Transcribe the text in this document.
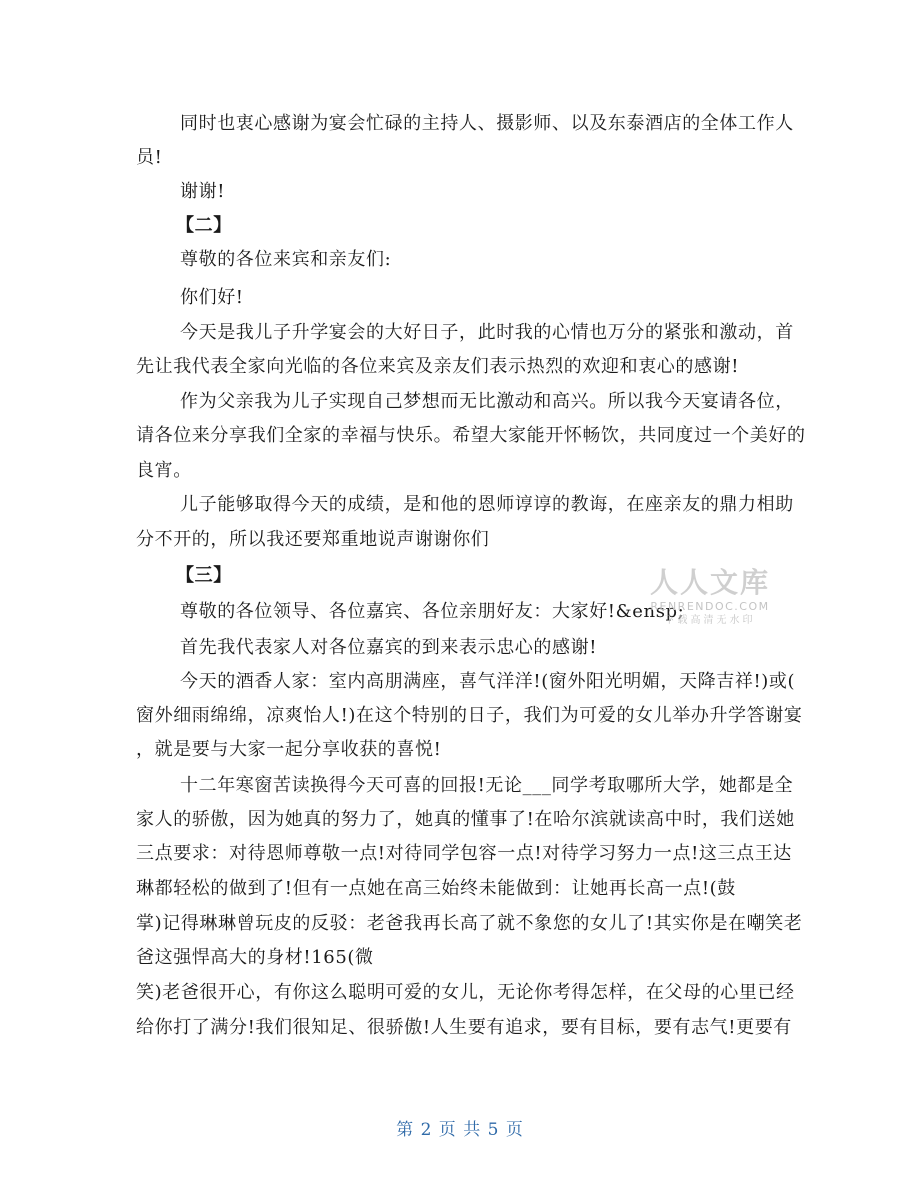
同时也衷心感谢为宴会忙碌的主持人、摄影师、以及东泰酒店的全体工作人
员!
谢谢!
【二】
尊敬的各位来宾和亲友们:
你们好!
今天是我儿子升学宴会的大好日子，此时我的心情也万分的紧张和激动，首
先让我代表全家向光临的各位来宾及亲友们表示热烈的欢迎和衷心的感谢!
作为父亲我为儿子实现自己梦想而无比激动和高兴。所以我今天宴请各位，
请各位来分享我们全家的幸福与快乐。希望大家能开怀畅饮，共同度过一个美好的
良宵。
儿子能够取得今天的成绩，是和他的恩师谆谆的教诲，在座亲友的鼎力相助
分不开的，所以我还要郑重地说声谢谢你们
【三】
尊敬的各位领导、各位嘉宾、各位亲朋好友：大家好!&ensp;
首先我代表家人对各位嘉宾的到来表示忠心的感谢!
今天的酒香人家：室内高朋满座，喜气洋洋!(窗外阳光明媚，天降吉祥!)或(
窗外细雨绵绵，凉爽怡人!)在这个特别的日子，我们为可爱的女儿举办升学答谢宴
，就是要与大家一起分享收获的喜悦!
十二年寒窗苦读换得今天可喜的回报!无论___同学考取哪所大学，她都是全
家人的骄傲，因为她真的努力了，她真的懂事了!在哈尔滨就读高中时，我们送她
三点要求：对待恩师尊敬一点!对待同学包容一点!对待学习努力一点!这三点王达
琳都轻松的做到了!但有一点她在高三始终未能做到：让她再长高一点!(鼓
掌)记得琳琳曾玩皮的反驳：老爸我再长高了就不象您的女儿了!其实你是在嘲笑老
爸这强悍高大的身材!165(微
笑)老爸很开心，有你这么聪明可爱的女儿，无论你考得怎样，在父母的心里已经
给你打了满分!我们很知足、很骄傲!人生要有追求，要有目标，要有志气!更要有
人人文库
RENRENDOC.COM
下载高清无水印
第 2 页 共 5 页
